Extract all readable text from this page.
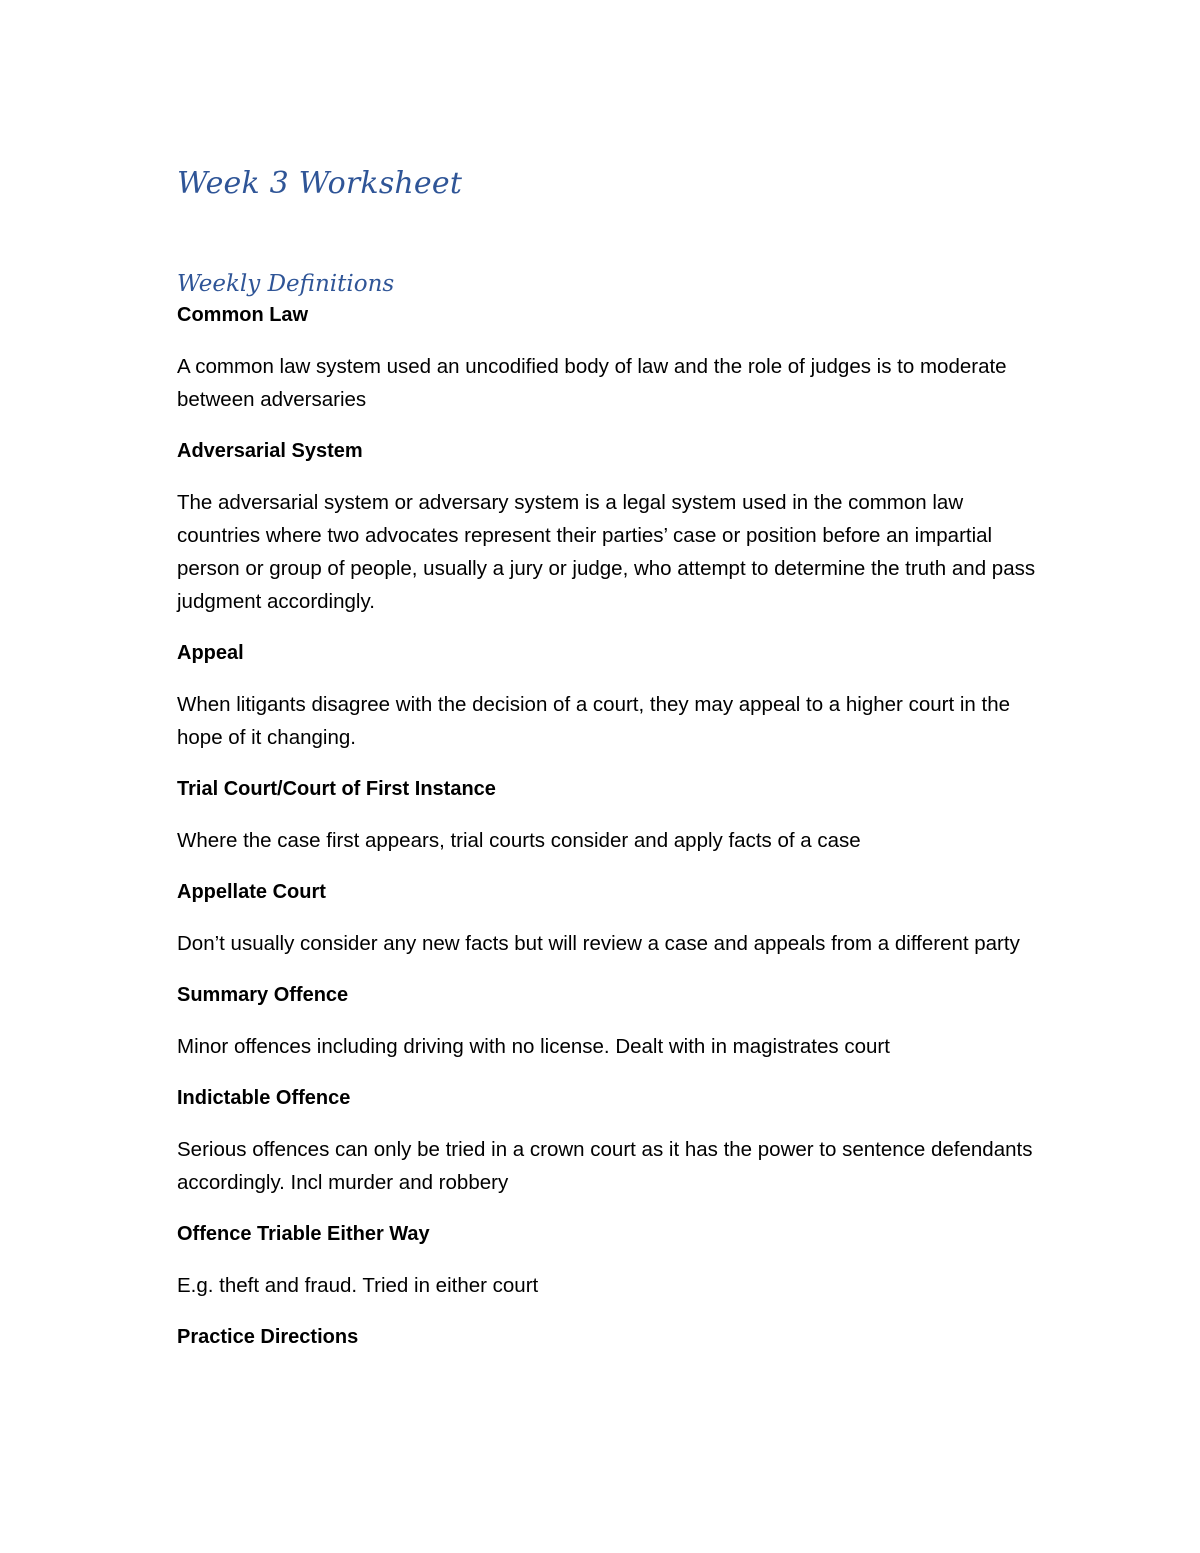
Week 3 Worksheet
Weekly Definitions

Common Law

A common law system used an uncodified body of law and the role of judges is to moderate between adversaries

Adversarial System

The adversarial system or adversary system is a legal system used in the common law countries where two advocates represent their parties’ case or position before an impartial person or group of people, usually a jury or judge, who attempt to determine the truth and pass judgment accordingly.

Appeal

When litigants disagree with the decision of a court, they may appeal to a higher court in the hope of it changing.

Trial Court/Court of First Instance

Where the case first appears, trial courts consider and apply facts of a case

Appellate Court

Don’t usually consider any new facts but will review a case and appeals from a different party

Summary Offence

Minor offences including driving with no license. Dealt with in magistrates court

Indictable Offence

Serious offences can only be tried in a crown court as it has the power to sentence defendants accordingly. Incl murder and robbery

Offence Triable Either Way

E.g. theft and fraud. Tried in either court

Practice Directions
